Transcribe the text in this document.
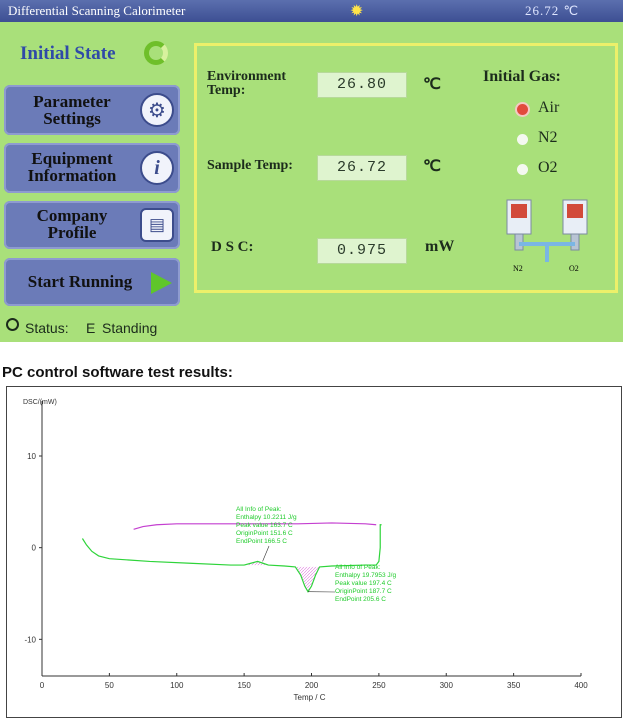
Differential Scanning Calorimeter	✹	26.72 ℃
Initial State
Parameter
Settings	⚙
Equipment
Information	i
Company
Profile	▤
Start Running
Environment
Temp:	26.80	℃
Sample Temp:	26.72	℃
D S C:	0.975	mW
Initial Gas:
Air
N2
O2
N2	O2
Status: E Standing
PC control software test results:
0	50	100	150	200	250	300	350	400
10
0
-10
DSC/(mW)
Temp / C
All Info of Peak:
Enthalpy 10.2211 J/g
Peak value 163.7 C
OriginPoint 151.6 C
EndPoint 166.5 C
All Info of Peak:
Enthalpy 19.7953 J/g
Peak value 197.4 C
OriginPoint 187.7 C
EndPoint 205.6 C
